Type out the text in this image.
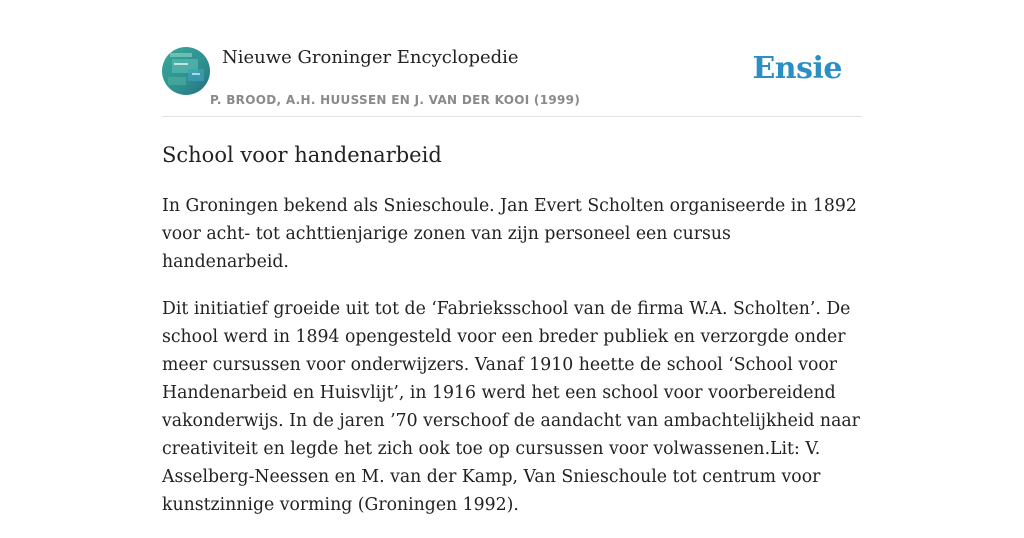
Nieuwe Groninger Encyclopedie
P. BROOD, A.H. HUUSSEN EN J. VAN DER KOOI (1999)
Ensie
School voor handenarbeid

In Groningen bekend als Snieschoule. Jan Evert Scholten organiseerde in 1892 voor acht- tot achttienjarige zonen van zijn personeel een cursus handenarbeid.

Dit initiatief groeide uit tot de ‘Fabrieksschool van de firma W.A. Scholten’. De school werd in 1894 opengesteld voor een breder publiek en verzorgde onder meer cursussen voor onderwijzers. Vanaf 1910 heette de school ‘School voor Handenarbeid en Huisvlijt’, in 1916 werd het een school voor voorbereidend vakonderwijs. In de jaren ’70 verschoof de aandacht van ambachtelijkheid naar creativiteit en legde het zich ook toe op cursussen voor volwassenen.Lit: V. Asselberg-Neessen en M. van der Kamp, Van Snieschoule tot centrum voor kunstzinnige vorming (Groningen 1992).
